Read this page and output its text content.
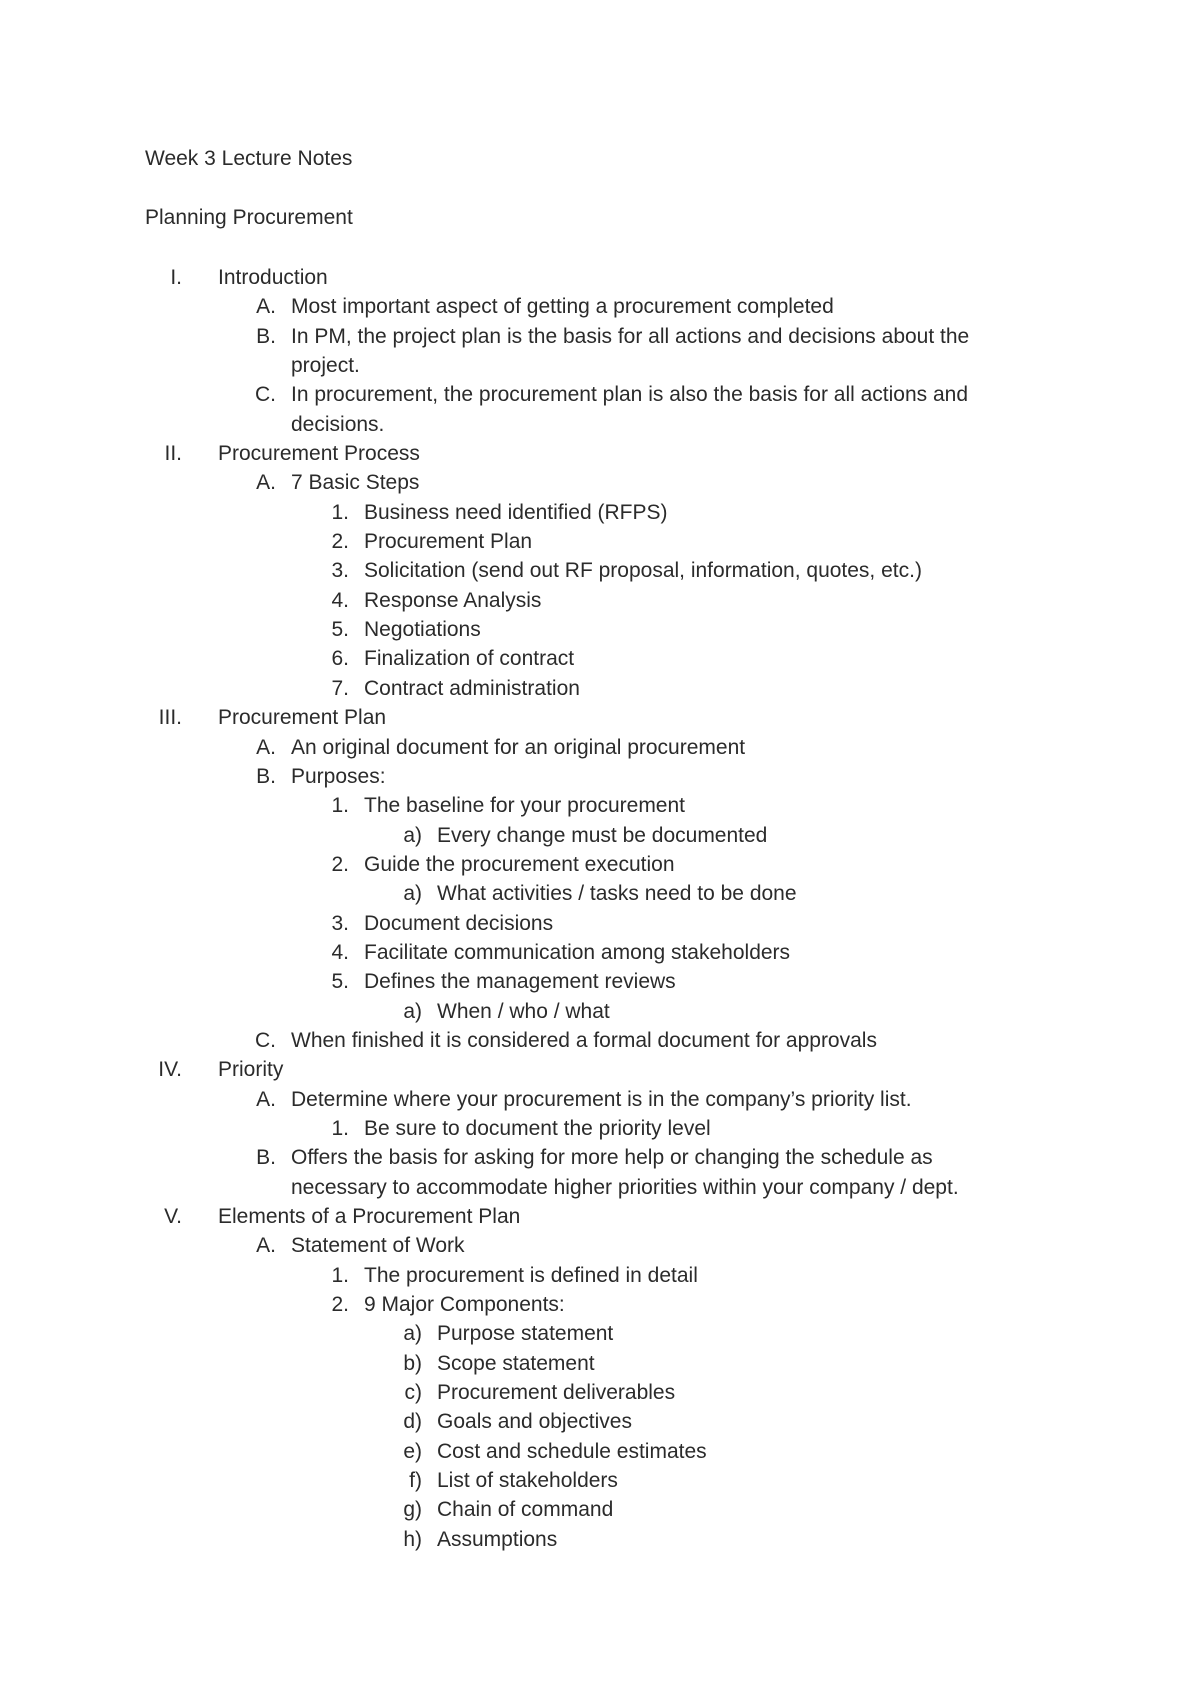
Week 3 Lecture Notes
Planning Procurement
I. Introduction
A. Most important aspect of getting a procurement completed
B. In PM, the project plan is the basis for all actions and decisions about the
project.
C. In procurement, the procurement plan is also the basis for all actions and
decisions.
II. Procurement Process
A. 7 Basic Steps
1. Business need identified (RFPS)
2. Procurement Plan
3. Solicitation (send out RF proposal, information, quotes, etc.)
4. Response Analysis
5. Negotiations
6. Finalization of contract
7. Contract administration
III. Procurement Plan
A. An original document for an original procurement
B. Purposes:
1. The baseline for your procurement
a) Every change must be documented
2. Guide the procurement execution
a) What activities / tasks need to be done
3. Document decisions
4. Facilitate communication among stakeholders
5. Defines the management reviews
a) When / who / what
C. When finished it is considered a formal document for approvals
IV. Priority
A. Determine where your procurement is in the company’s priority list.
1. Be sure to document the priority level
B. Offers the basis for asking for more help or changing the schedule as
necessary to accommodate higher priorities within your company / dept.
V. Elements of a Procurement Plan
A. Statement of Work
1. The procurement is defined in detail
2. 9 Major Components:
a) Purpose statement
b) Scope statement
c) Procurement deliverables
d) Goals and objectives
e) Cost and schedule estimates
f) List of stakeholders
g) Chain of command
h) Assumptions
